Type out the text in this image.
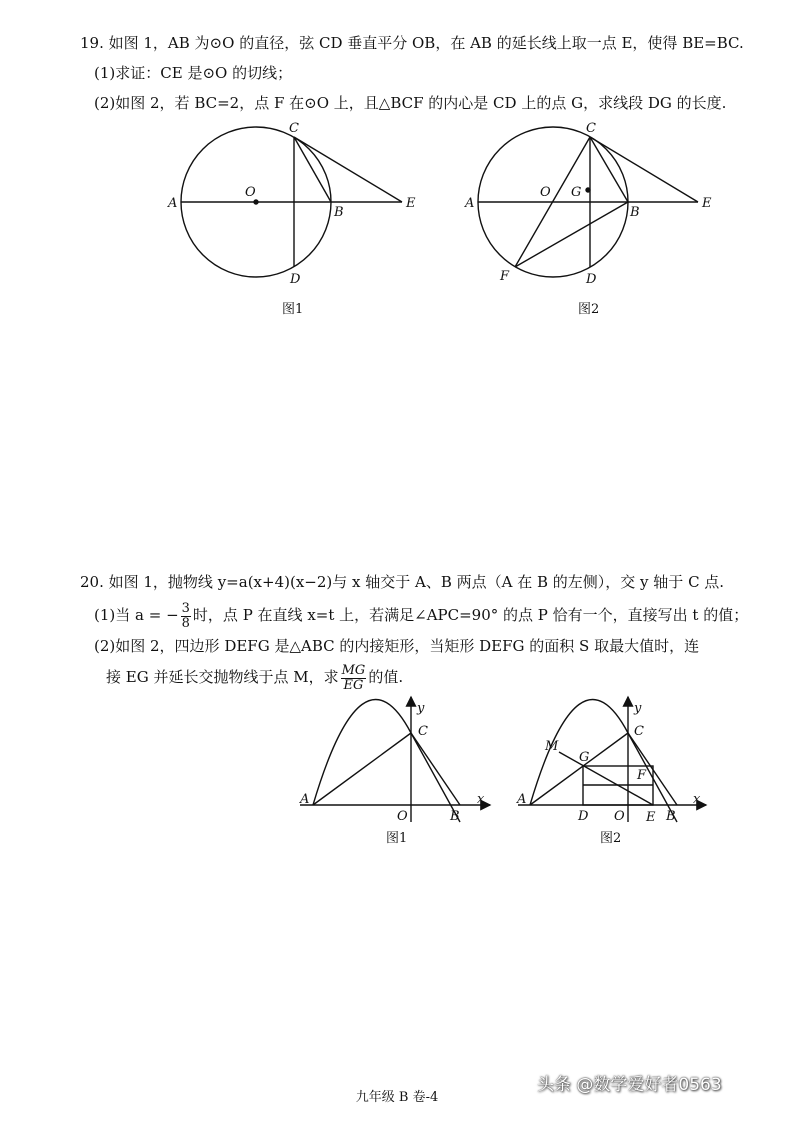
19. 如图 1，AB 为⊙O 的直径，弦 CD 垂直平分 OB，在 AB 的延长线上取一点 E，使得 BE=BC.
(1)求证：CE 是⊙O 的切线；
(2)如图 2，若 BC=2，点 F 在⊙O 上，且△BCF 的内心是 CD 上的点 G，求线段 DG 的长度.
20. 如图 1，抛物线 y=a(x+4)(x−2)与 x 轴交于 A、B 两点（A 在 B 的左侧），交 y 轴于 C 点.
(1)当 a = − $\frac{3}{8}$ 时，点 P 在直线 x=t 上，若满足∠APC=90° 的点 P 恰有一个，直接写出 t 的值；
(2)如图 2，四边形 DEFG 是△ABC 的内接矩形，当矩形 DEFG 的面积 S 取最大值时，连
接 EG 并延长交抛物线于点 M，求 $\frac{MG}{EG}$ 的值.
A
O
B
C
D
E
图1
A
O G
B
C
D
E
F
图2
A
B
C
O
y
x
图1
A
B
C
O
y
x
M
G
F
D	E
图2
九年级 B 卷-4
头条 @数学爱好者0563
